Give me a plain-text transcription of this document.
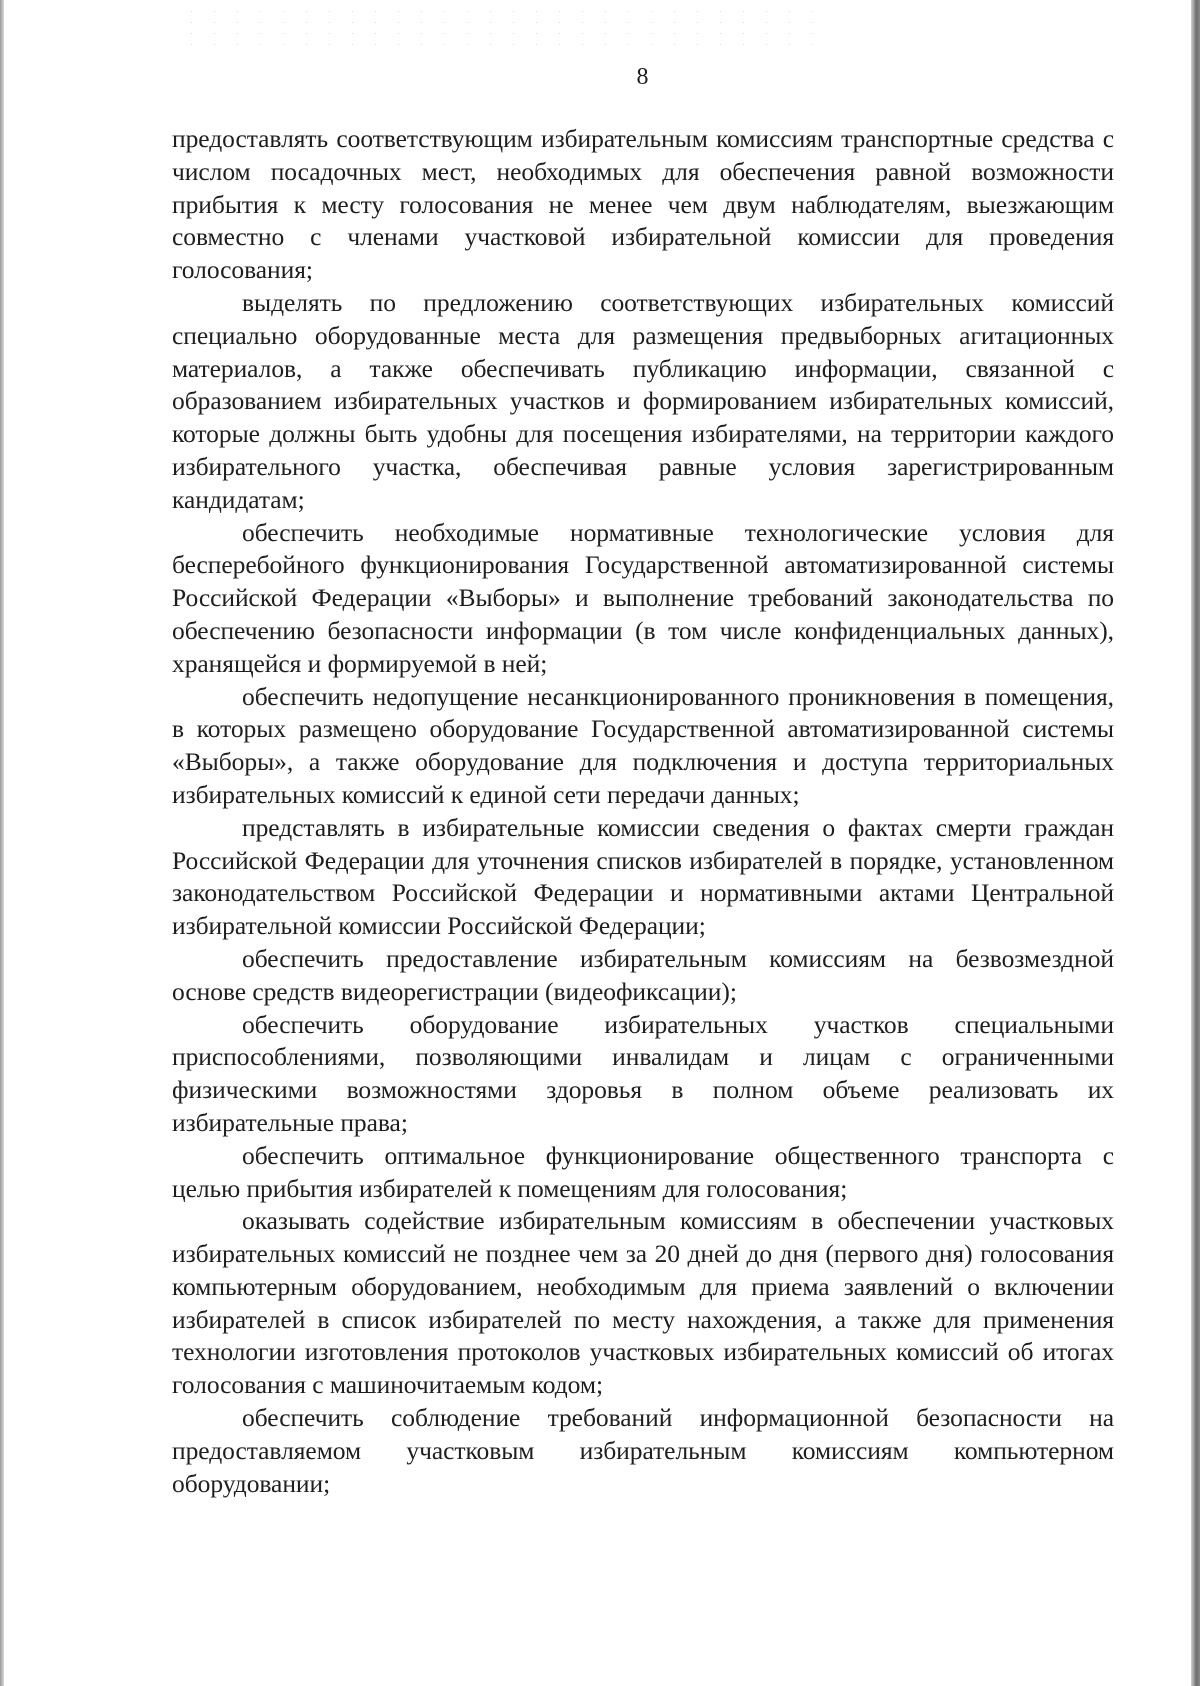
8

предоставлять соответствующим избирательным комиссиям транспортные средства с числом посадочных мест, необходимых для обеспечения равной возможности прибытия к месту голосования не менее чем двум наблюдателям, выезжающим совместно с членами участковой избирательной комиссии для проведения голосования;

выделять по предложению соответствующих избирательных комиссий специально оборудованные места для размещения предвыборных агитационных материалов, а также обеспечивать публикацию информации, связанной с образованием избирательных участков и формированием избирательных комиссий, которые должны быть удобны для посещения избирателями, на территории каждого избирательного участка, обеспечивая равные условия зарегистрированным кандидатам;

обеспечить необходимые нормативные технологические условия для бесперебойного функционирования Государственной автоматизированной системы Российской Федерации «Выборы» и выполнение требований законодательства по обеспечению безопасности информации (в том числе конфиденциальных данных), хранящейся и формируемой в ней;

обеспечить недопущение несанкционированного проникновения в помещения, в которых размещено оборудование Государственной автоматизированной системы «Выборы», а также оборудование для подключения и доступа территориальных избирательных комиссий к единой сети передачи данных;

представлять в избирательные комиссии сведения о фактах смерти граждан Российской Федерации для уточнения списков избирателей в порядке, установленном законодательством Российской Федерации и нормативными актами Центральной избирательной комиссии Российской Федерации;

обеспечить предоставление избирательным комиссиям на безвозмездной основе средств видеорегистрации (видеофиксации);

обеспечить оборудование избирательных участков специальными приспособлениями, позволяющими инвалидам и лицам с ограниченными физическими возможностями здоровья в полном объеме реализовать их избирательные права;

обеспечить оптимальное функционирование общественного транспорта с целью прибытия избирателей к помещениям для голосования;

оказывать содействие избирательным комиссиям в обеспечении участковых избирательных комиссий не позднее чем за 20 дней до дня (первого дня) голосования компьютерным оборудованием, необходимым для приема заявлений о включении избирателей в список избирателей по месту нахождения, а также для применения технологии изготовления протоколов участковых избирательных комиссий об итогах голосования с машиночитаемым кодом;

обеспечить соблюдение требований информационной безопасности на предоставляемом участковым избирательным комиссиям компьютерном оборудовании;
